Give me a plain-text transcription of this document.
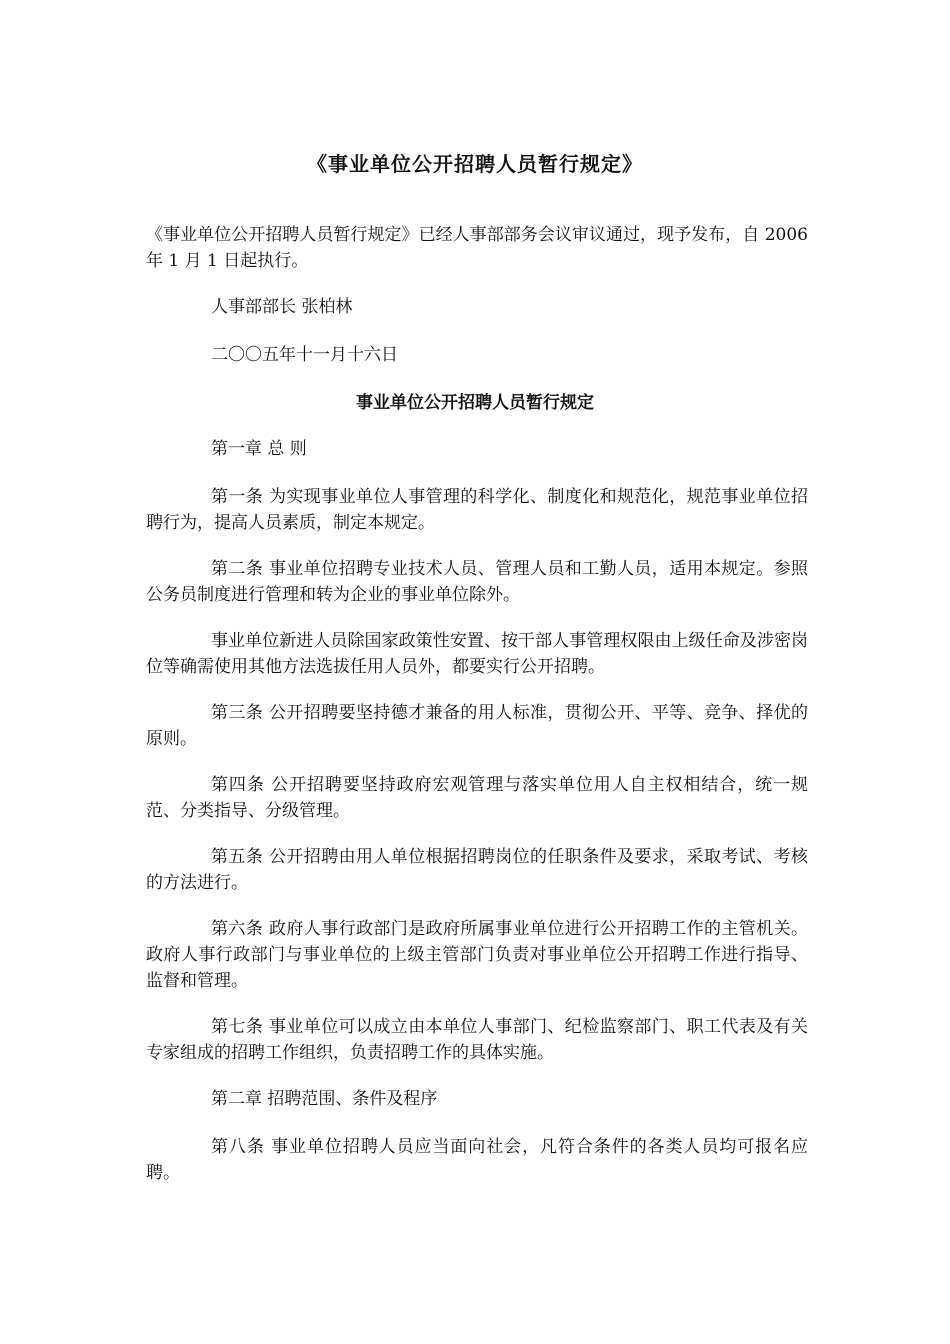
《事业单位公开招聘人员暂行规定》
《事业单位公开招聘人员暂行规定》已经人事部部务会议审议通过，现予发布，自 2006 年 1 月 1 日起执行。
人事部部长 张柏林
二〇〇五年十一月十六日
事业单位公开招聘人员暂行规定
第一章 总 则
第一条 为实现事业单位人事管理的科学化、制度化和规范化，规范事业单位招聘行为，提高人员素质，制定本规定。
第二条 事业单位招聘专业技术人员、管理人员和工勤人员，适用本规定。参照公务员制度进行管理和转为企业的事业单位除外。
事业单位新进人员除国家政策性安置、按干部人事管理权限由上级任命及涉密岗位等确需使用其他方法选拔任用人员外，都要实行公开招聘。
第三条 公开招聘要坚持德才兼备的用人标准，贯彻公开、平等、竞争、择优的原则。
第四条 公开招聘要坚持政府宏观管理与落实单位用人自主权相结合，统一规范、分类指导、分级管理。
第五条 公开招聘由用人单位根据招聘岗位的任职条件及要求，采取考试、考核的方法进行。
第六条 政府人事行政部门是政府所属事业单位进行公开招聘工作的主管机关。政府人事行政部门与事业单位的上级主管部门负责对事业单位公开招聘工作进行指导、监督和管理。
第七条 事业单位可以成立由本单位人事部门、纪检监察部门、职工代表及有关专家组成的招聘工作组织，负责招聘工作的具体实施。
第二章 招聘范围、条件及程序
第八条 事业单位招聘人员应当面向社会，凡符合条件的各类人员均可报名应聘。
